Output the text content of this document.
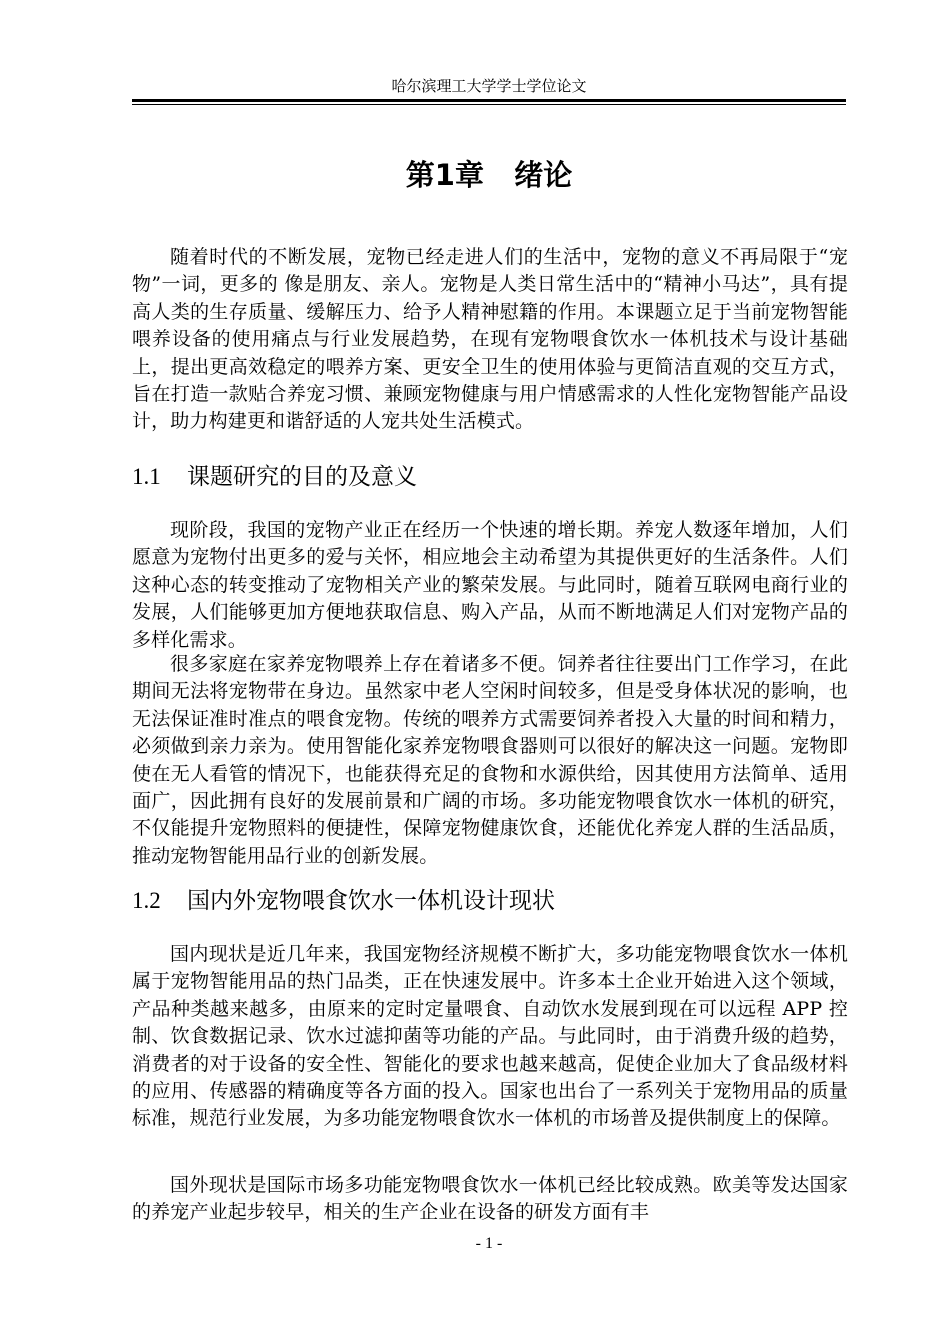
哈尔滨理工大学学士学位论文
第1章   绪论

随着时代的不断发展，宠物已经走进人们的生活中，宠物的意义不再局限于“宠物”一词，更多的 像是朋友、亲人。宠物是人类日常生活中的“精神小马达”，具有提高人类的生存质量、缓解压力、给予人精神慰籍的作用。本课题立足于当前宠物智能喂养设备的使用痛点与行业发展趋势，在现有宠物喂食饮水一体机技术与设计基础上，提出更高效稳定的喂养方案、更安全卫生的使用体验与更简洁直观的交互方式，旨在打造一款贴合养宠习惯、兼顾宠物健康与用户情感需求的人性化宠物智能产品设计，助力构建更和谐舒适的人宠共处生活模式。

1.1 课题研究的目的及意义

现阶段，我国的宠物产业正在经历一个快速的增长期。养宠人数逐年增加，人们愿意为宠物付出更多的爱与关怀，相应地会主动希望为其提供更好的生活条件。人们这种心态的转变推动了宠物相关产业的繁荣发展。与此同时，随着互联网电商行业的发展，人们能够更加方便地获取信息、购入产品，从而不断地满足人们对宠物产品的多样化需求。

很多家庭在家养宠物喂养上存在着诸多不便。饲养者往往要出门工作学习，在此期间无法将宠物带在身边。虽然家中老人空闲时间较多，但是受身体状况的影响，也无法保证准时准点的喂食宠物。传统的喂养方式需要饲养者投入大量的时间和精力，必须做到亲力亲为。使用智能化家养宠物喂食器则可以很好的解决这一问题。宠物即使在无人看管的情况下，也能获得充足的食物和水源供给，因其使用方法简单、适用面广，因此拥有良好的发展前景和广阔的市场。多功能宠物喂食饮水一体机的研究，不仅能提升宠物照料的便捷性，保障宠物健康饮食，还能优化养宠人群的生活品质，推动宠物智能用品行业的创新发展。

1.2 国内外宠物喂食饮水一体机设计现状

国内现状是近几年来，我国宠物经济规模不断扩大，多功能宠物喂食饮水一体机属于宠物智能用品的热门品类，正在快速发展中。许多本土企业开始进入这个领域，产品种类越来越多，由原来的定时定量喂食、自动饮水发展到现在可以远程 APP 控制、饮食数据记录、饮水过滤抑菌等功能的产品。与此同时，由于消费升级的趋势，消费者的对于设备的安全性、智能化的要求也越来越高，促使企业加大了食品级材料的应用、传感器的精确度等各方面的投入。国家也出台了一系列关于宠物用品的质量标准，规范行业发展，为多功能宠物喂食饮水一体机的市场普及提供制度上的保障。

国外现状是国际市场多功能宠物喂食饮水一体机已经比较成熟。欧美等发达国家的养宠产业起步较早，相关的生产企业在设备的研发方面有丰

- 1 -
